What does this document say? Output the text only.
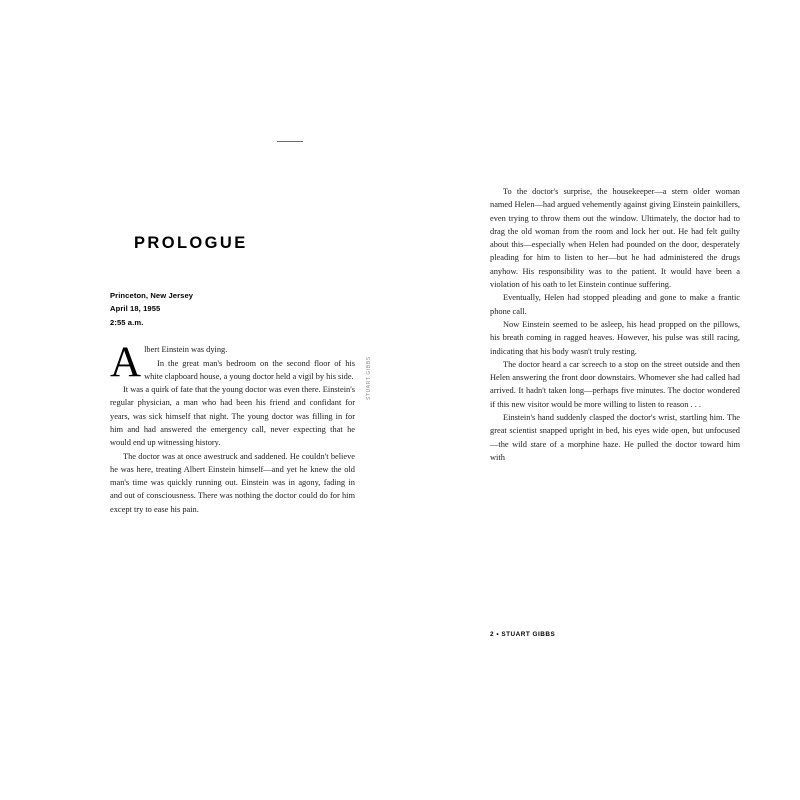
PROLOGUE
Princeton, New Jersey
April 18, 1955
2:55 a.m.

Albert Einstein was dying.

In the great man's bedroom on the second floor of his white clapboard house, a young doctor held a vigil by his side.

It was a quirk of fate that the young doctor was even there. Einstein's regular physician, a man who had been his friend and confidant for years, was sick himself that night. The young doctor was filling in for him and had answered the emergency call, never expecting that he would end up witnessing history.

The doctor was at once awestruck and saddened. He couldn't believe he was here, treating Albert Einstein himself—and yet he knew the old man's time was quickly running out. Einstein was in agony, fading in and out of consciousness. There was nothing the doctor could do for him except try to ease his pain.

STUART GIBBS

To the doctor's surprise, the housekeeper—a stern older woman named Helen—had argued vehemently against giving Einstein painkillers, even trying to throw them out the window. Ultimately, the doctor had to drag the old woman from the room and lock her out. He had felt guilty about this—especially when Helen had pounded on the door, desperately pleading for him to listen to her—but he had administered the drugs anyhow. His responsibility was to the patient. It would have been a violation of his oath to let Einstein continue suffering.

Eventually, Helen had stopped pleading and gone to make a frantic phone call.

Now Einstein seemed to be asleep, his head propped on the pillows, his breath coming in ragged heaves. However, his pulse was still racing, indicating that his body wasn't truly resting.

The doctor heard a car screech to a stop on the street outside and then Helen answering the front door downstairs. Whomever she had called had arrived. It hadn't taken long—perhaps five minutes. The doctor wondered if this new visitor would be more willing to listen to reason . . .

Einstein's hand suddenly clasped the doctor's wrist, startling him. The great scientist snapped upright in bed, his eyes wide open, but unfocused—the wild stare of a morphine haze. He pulled the doctor toward him with

2 • STUART GIBBS
